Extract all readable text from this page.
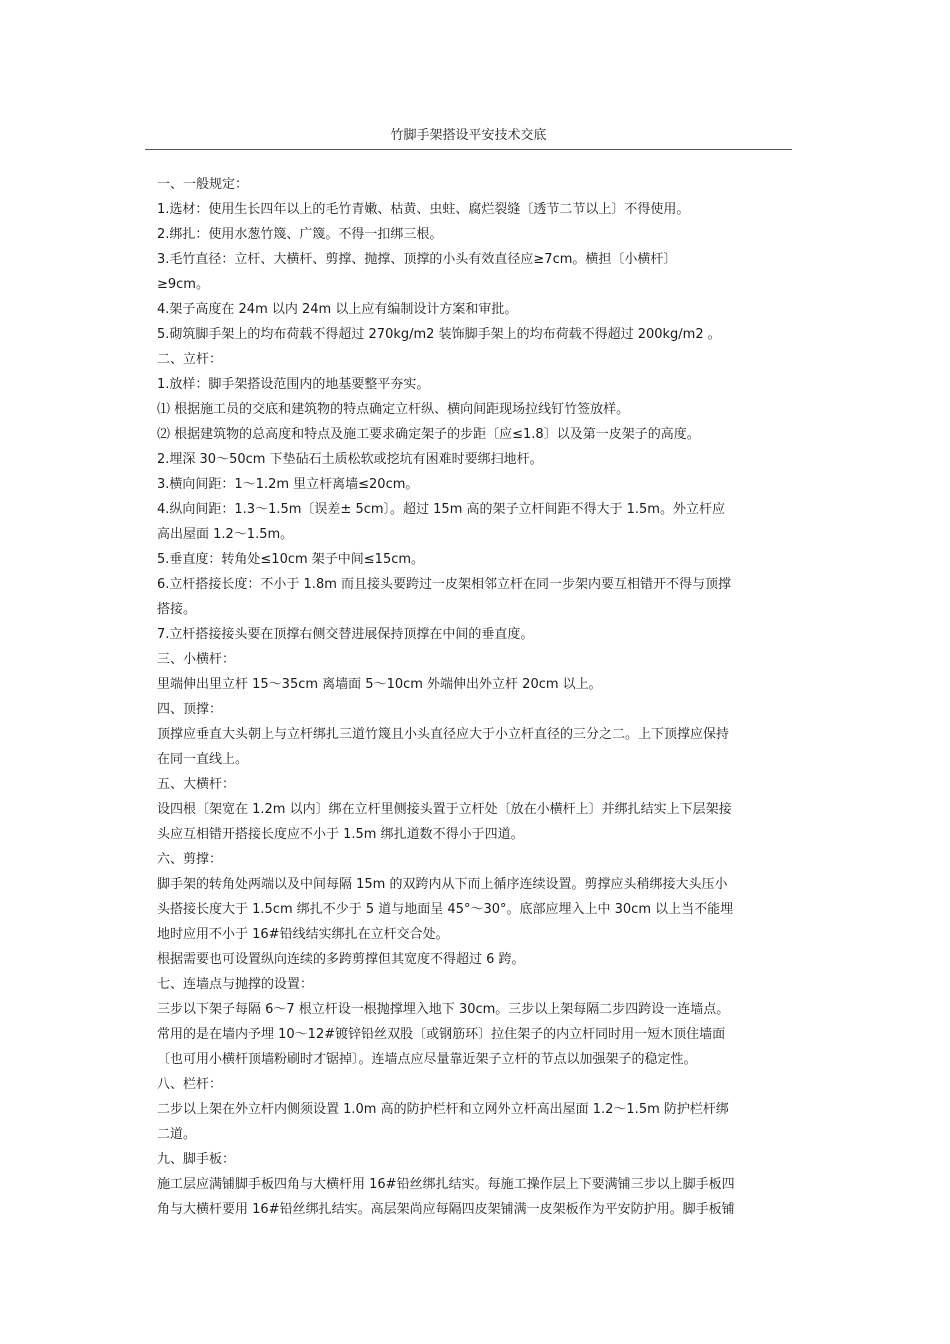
竹脚手架搭设平安技术交底
一、一般规定：
1.选材：使用生长四年以上的毛竹青嫩、枯黄、虫蛀、腐烂裂缝〔透节二节以上〕不得使用。
2.绑扎：使用水葱竹篾、广篾。不得一扣绑三根。
3.毛竹直径：立杆、大横杆、剪撑、抛撑、顶撑的小头有效直径应≥7cm。横担〔小横杆〕
≥9cm。
4.架子高度在 24m 以内 24m 以上应有编制设计方案和审批。
5.砌筑脚手架上的均布荷载不得超过 270kg/m2 装饰脚手架上的均布荷载不得超过 200kg/m2 。
二、立杆：
1.放样：脚手架搭设范围内的地基要整平夯实。
⑴ 根据施工员的交底和建筑物的特点确定立杆纵、横向间距现场拉线钉竹签放样。
⑵ 根据建筑物的总高度和特点及施工要求确定架子的步距〔应≤1.8〕以及第一皮架子的高度。
2.埋深 30～50cm 下垫砧石土质松软或挖坑有困难时要绑扫地杆。
3.横向间距：1～1.2m 里立杆离墙≤20cm。
4.纵向间距：1.3～1.5m〔误差± 5cm〕。超过 15m 高的架子立杆间距不得大于 1.5m。外立杆应
高出屋面 1.2～1.5m。
5.垂直度：转角处≤10cm 架子中间≤15cm。
6.立杆搭接长度：不小于 1.8m 而且接头要跨过一皮架相邻立杆在同一步架内要互相错开不得与顶撑
搭接。
7.立杆搭接接头要在顶撑右侧交替进展保持顶撑在中间的垂直度。
三、小横杆：
里端伸出里立杆 15～35cm 离墙面 5～10cm 外端伸出外立杆 20cm 以上。
四、顶撑：
顶撑应垂直大头朝上与立杆绑扎三道竹篾且小头直径应大于小立杆直径的三分之二。上下顶撑应保持
在同一直线上。
五、大横杆：
设四根〔架宽在 1.2m 以内〕绑在立杆里侧接头置于立杆处〔放在小横杆上〕并绑扎结实上下层架接
头应互相错开搭接长度应不小于 1.5m 绑扎道数不得小于四道。
六、剪撑：
脚手架的转角处两端以及中间每隔 15m 的双跨内从下而上循序连续设置。剪撑应头稍绑接大头压小
头搭接长度大于 1.5cm 绑扎不少于 5 道与地面呈 45°～30°。底部应埋入上中 30cm 以上当不能埋
地时应用不小于 16#铅线结实绑扎在立杆交合处。
根据需要也可设置纵向连续的多跨剪撑但其宽度不得超过 6 跨。
七、连墙点与抛撑的设置：
三步以下架子每隔 6～7 根立杆设一根抛撑埋入地下 30cm。三步以上架每隔二步四跨设一连墙点。
常用的是在墙内予埋 10～12#镀锌铅丝双股〔或钢筋环〕拉住架子的内立杆同时用一短木顶住墙面
〔也可用小横杆顶墙粉刷时才锯掉〕。连墙点应尽量靠近架子立杆的节点以加强架子的稳定性。
八、栏杆：
二步以上架在外立杆内侧须设置 1.0m 高的防护栏杆和立网外立杆高出屋面 1.2～1.5m 防护栏杆绑
二道。
九、脚手板：
施工层应满铺脚手板四角与大横杆用 16#铅丝绑扎结实。每施工操作层上下要满铺三步以上脚手板四
角与大横杆要用 16#铅丝绑扎结实。高层架尚应每隔四皮架铺满一皮架板作为平安防护用。脚手板铺
